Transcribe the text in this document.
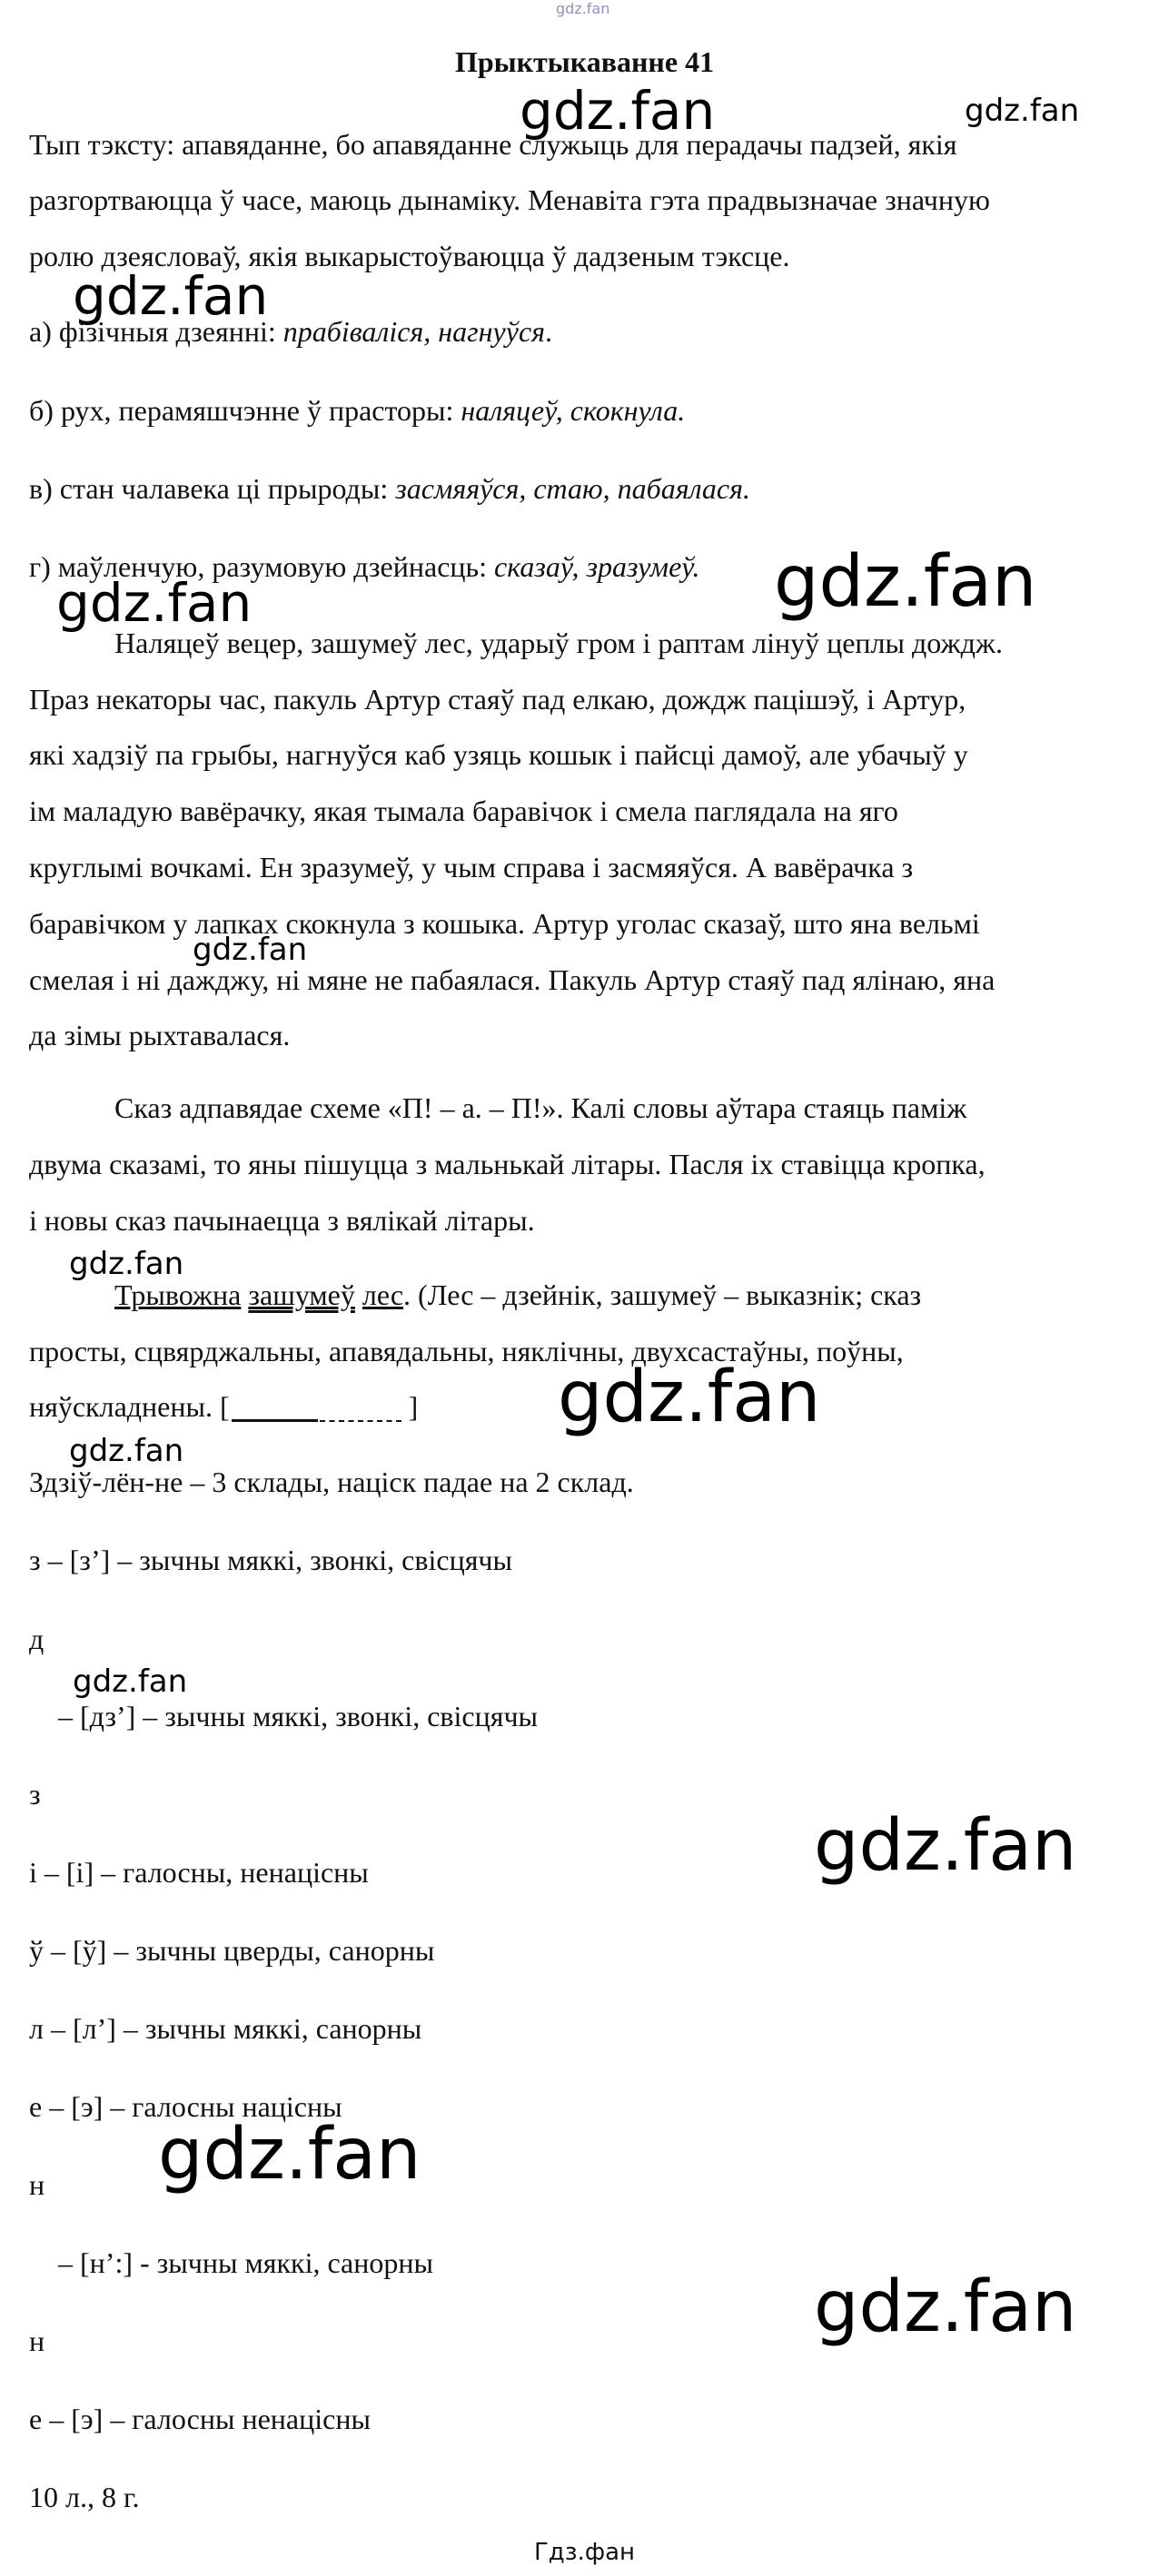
gdz.fan
Прыктыкаванне 41
gdz.fan	gdz.fan
gdz.fan
gdz.fan
gdz.fan
gdz.fan
gdz.fan
gdz.fan
gdz.fan
gdz.fan
gdz.fan
gdz.fan
gdz.fan
Тып тэксту: апавяданне, бо апавяданне служыць для перадачы падзей, якія
разгортваюцца ў часе, маюць дынаміку. Менавіта гэта прадвызначае значную
ролю дзеясловаў, якія выкарыстоўваюцца ў дадзеным тэксце.
а) фізічныя дзеянні: прабіваліся, нагнуўся.
б) рух, перамяшчэнне ў прасторы: наляцеў, скокнула.
в) стан чалавека ці прыроды: засмяяўся, стаю, пабаялася.
г) маўленчую, разумовую дзейнасць: сказаў, зразумеў.
Наляцеў вецер, зашумеў лес, ударыў гром і раптам лінуў цеплы дождж.
Праз некаторы час, пакуль Артур стаяў пад елкаю, дождж пацішэў, і Артур,
які хадзіў па грыбы, нагнуўся каб узяць кошык і пайсці дамоў, але убачыў у
ім маладую вавёрачку, якая тымала баравічок і смела паглядала на яго
круглымі вочкамі. Ен зразумеў, у чым справа і засмяяўся. А вавёрачка з
баравічком у лапках скокнула з кошыка. Артур уголас сказаў, што яна вельмі
смелая і ні дажджу, ні мяне не пабаялася. Пакуль Артур стаяў пад ялінаю, яна
да зімы рыхтавалася.
Сказ адпавядае схеме «П! – а. – П!». Калі словы аўтара стаяць паміж
двума сказамі, то яны пішуцца з мальнькай літары. Пасля іх ставіцца кропка,
і новы сказ пачынаецца з вялікай літары.
Трывожна зашумеў лес. (Лес – дзейнік, зашумеў – выказнік; сказ
просты, сцвярджальны, апавядальны, няклічны, двухсастаўны, поўны,
няўскладнены. [	]
Здзіў-лён-не – 3 склады, націск падае на 2 склад.
з – [з’] – зычны мяккі, звонкі, свісцячы
д
– [дз’] – зычны мяккі, звонкі, свісцячы
з
і – [і] – галосны, ненацісны
ў – [ў] – зычны цверды, санорны
л – [л’] – зычны мяккі, санорны
е – [э] – галосны націсны
н
– [н’:] - зычны мяккі, санорны
н
е – [э] – галосны ненацісны
10 л., 8 г.
Гдз.фан
